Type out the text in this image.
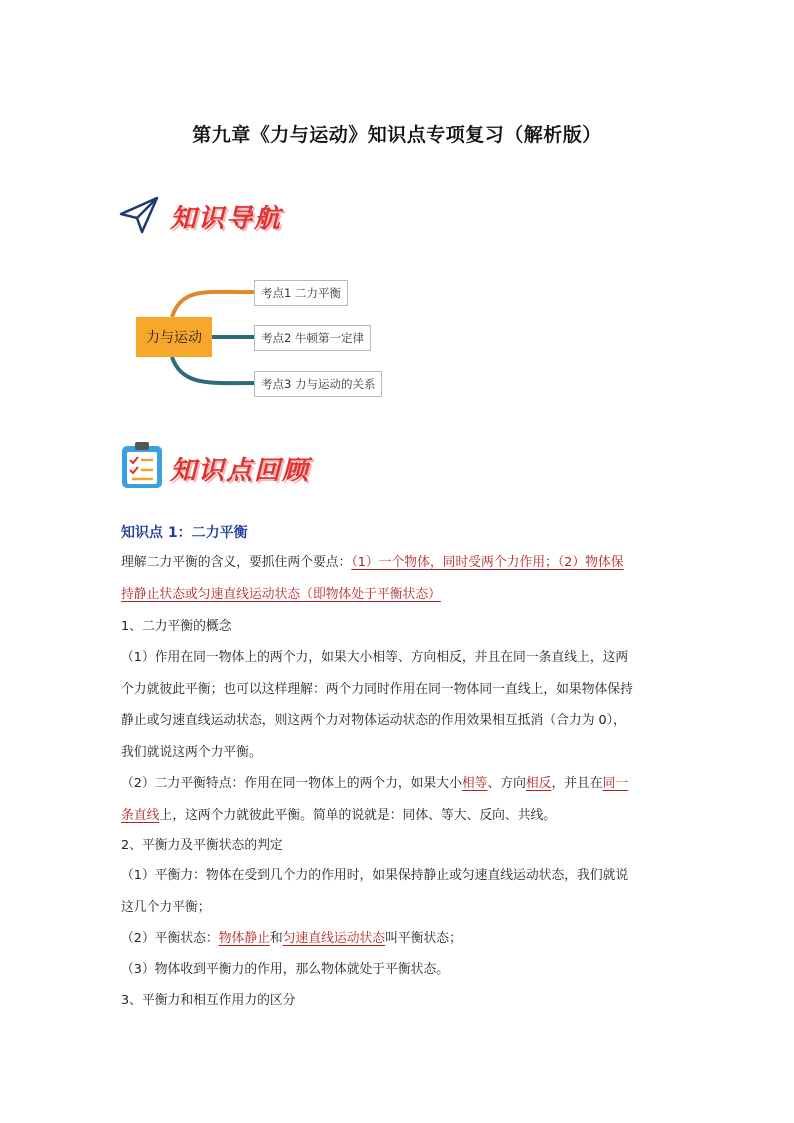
第九章《力与运动》知识点专项复习（解析版）
知识导航
力与运动
考点1 二力平衡
考点2 牛顿第一定律
考点3 力与运动的关系
知识点回顾
知识点 1：二力平衡
理解二力平衡的含义，要抓住两个要点：（1）一个物体，同时受两个力作用；（2）物体保
持静止状态或匀速直线运动状态（即物体处于平衡状态）
1、二力平衡的概念
（1）作用在同一物体上的两个力，如果大小相等、方向相反，并且在同一条直线上，这两
个力就彼此平衡；也可以这样理解：两个力同时作用在同一物体同一直线上，如果物体保持
静止或匀速直线运动状态，则这两个力对物体运动状态的作用效果相互抵消（合力为 0），
我们就说这两个力平衡。
（2）二力平衡特点：作用在同一物体上的两个力，如果大小相等、方向相反，并且在同一
条直线上，这两个力就彼此平衡。简单的说就是：同体、等大、反向、共线。
2、平衡力及平衡状态的判定
（1）平衡力：物体在受到几个力的作用时，如果保持静止或匀速直线运动状态，我们就说
这几个力平衡；
（2）平衡状态：物体静止和匀速直线运动状态叫平衡状态；
（3）物体收到平衡力的作用，那么物体就处于平衡状态。
3、平衡力和相互作用力的区分
